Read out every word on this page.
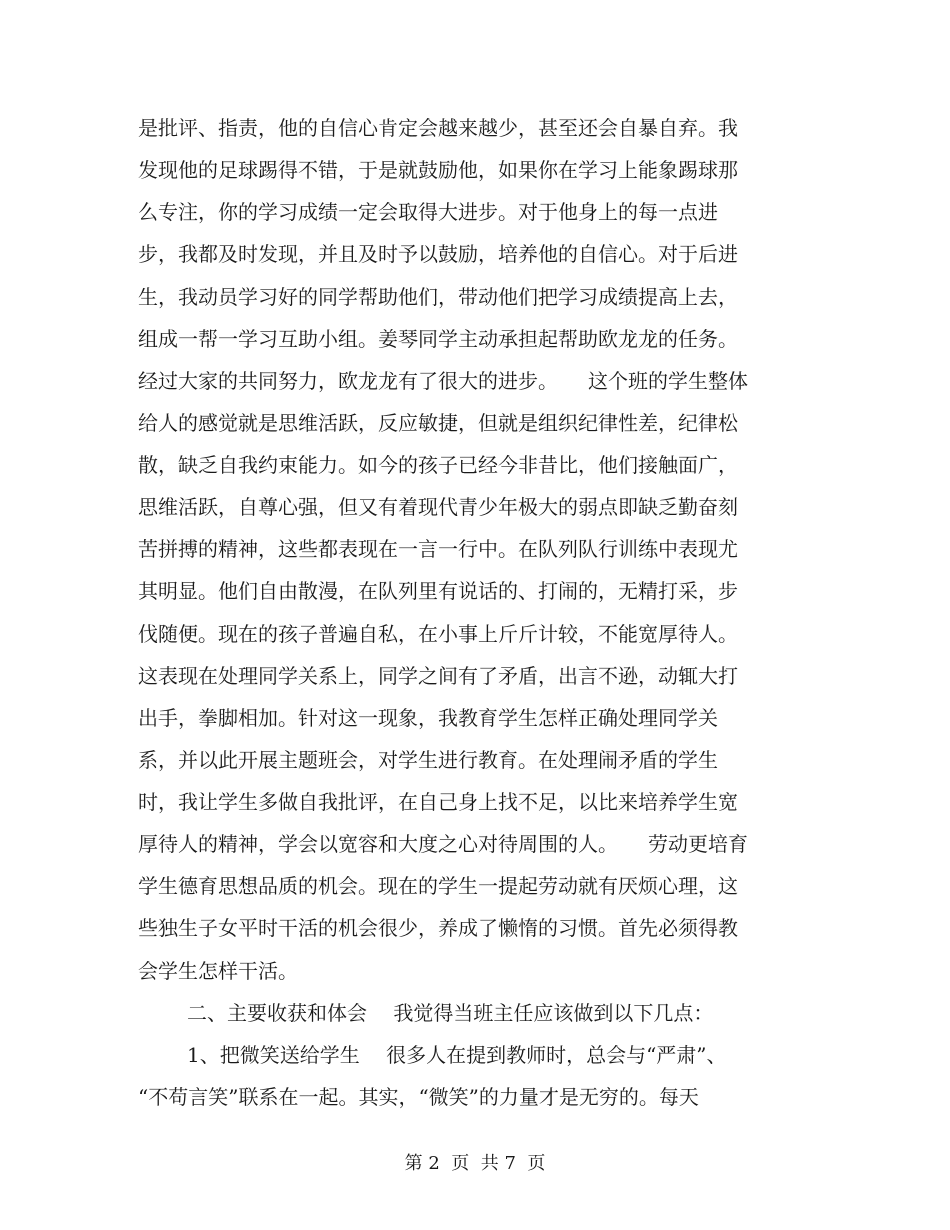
是批评、指责，他的自信心肯定会越来越少，甚至还会自暴自弃。我
发现他的足球踢得不错，于是就鼓励他，如果你在学习上能象踢球那
么专注，你的学习成绩一定会取得大进步。对于他身上的每一点进
步，我都及时发现，并且及时予以鼓励，培养他的自信心。对于后进
生，我动员学习好的同学帮助他们，带动他们把学习成绩提高上去，
组成一帮一学习互助小组。姜琴同学主动承担起帮助欧龙龙的任务。
经过大家的共同努力，欧龙龙有了很大的进步。　　这个班的学生整体
给人的感觉就是思维活跃，反应敏捷，但就是组织纪律性差，纪律松
散，缺乏自我约束能力。如今的孩子已经今非昔比，他们接触面广，
思维活跃，自尊心强，但又有着现代青少年极大的弱点即缺乏勤奋刻
苦拼搏的精神，这些都表现在一言一行中。在队列队行训练中表现尤
其明显。他们自由散漫，在队列里有说话的、打闹的，无精打采，步
伐随便。现在的孩子普遍自私，在小事上斤斤计较，不能宽厚待人。
这表现在处理同学关系上，同学之间有了矛盾，出言不逊，动辄大打
出手，拳脚相加。针对这一现象，我教育学生怎样正确处理同学关
系，并以此开展主题班会，对学生进行教育。在处理闹矛盾的学生
时，我让学生多做自我批评，在自己身上找不足，以比来培养学生宽
厚待人的精神，学会以宽容和大度之心对待周围的人。　　劳动更培育
学生德育思想品质的机会。现在的学生一提起劳动就有厌烦心理，这
些独生子女平时干活的机会很少，养成了懒惰的习惯。首先必须得教
会学生怎样干活。
二、主要收获和体会　 我觉得当班主任应该做到以下几点：
1、把微笑送给学生　 很多人在提到教师时，总会与“严肃”、
“不苟言笑”联系在一起。其实，“微笑”的力量才是无穷的。每天
第 2  页  共 7  页
